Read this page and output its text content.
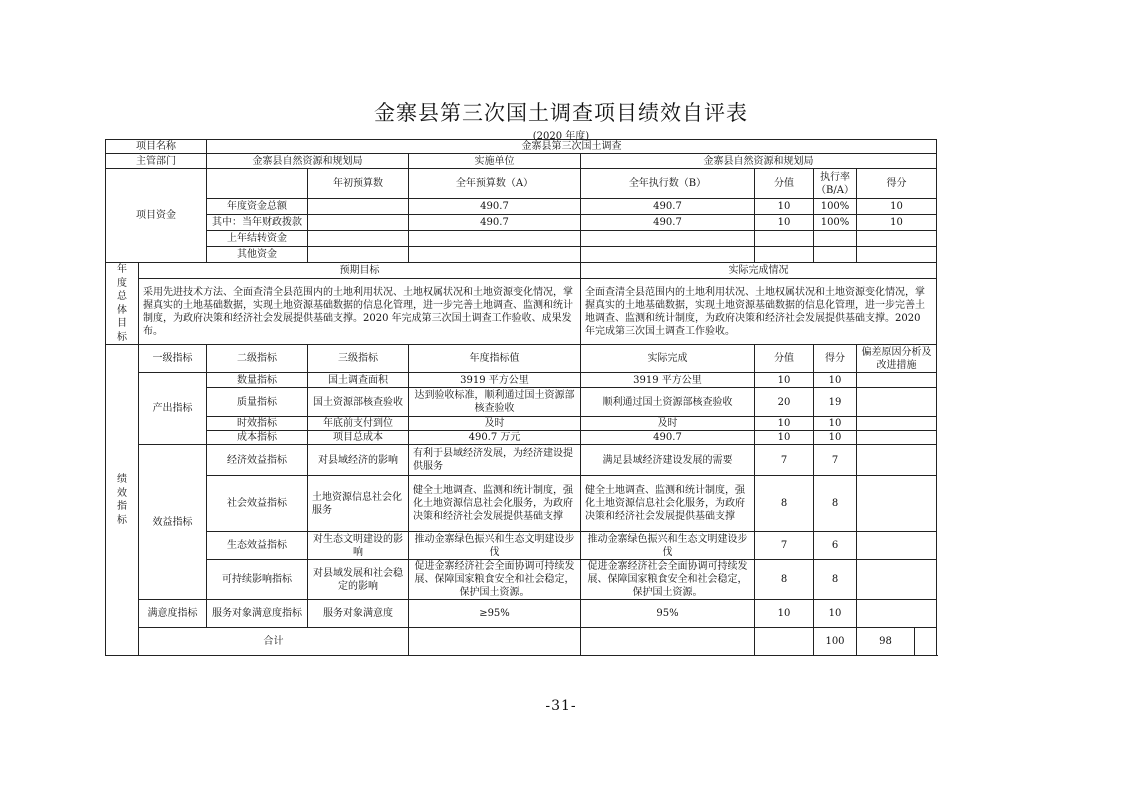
金寨县第三次国土调查项目绩效自评表
(2020 年度)
项目名称		金寨县第三次国土调查							
主管部门		金寨县自然资源和规划局		实施单位	金寨县自然资源和规划局				
项目资金			年初预算数	全年预算数（A）	全年执行数（B）	分值	执行率（B/A）	得分	
		年度资金总额		490.7	490.7	10	100%	10	
		其中：当年财政拨款		490.7	490.7	10	100%	10	
		上年结转资金							
		其他资金							

年度总体目标	预期目标				实际完成情况				
	采用先进技术方法、全面查清全县范围内的土地利用状况、土地权属状况和土地资源变化情况，掌握真实的土地基础数据，实现土地资源基础数据的信息化管理，进一步完善土地调查、监测和统计制度，为政府决策和经济社会发展提供基础支撑。2020 年完成第三次国土调查工作验收、成果发布。				全面查清全县范围内的土地利用状况、土地权属状况和土地资源变化情况，掌握真实的土地基础数据，实现土地资源基础数据的信息化管理，进一步完善土地调查、监测和统计制度，为政府决策和经济社会发展提供基础支撑。2020 年完成第三次国土调查工作验收。				

绩效指标	一级指标	二级指标	三级指标	年度指标值	实际完成	分值	得分	偏差原因分析及改进措施	
	产出指标	数量指标	国土调查面积	3919 平方公里	3919 平方公里	10	10		
		质量指标	国土资源部核查验收	达到验收标准，顺利通过国土资源部核查验收	顺利通过国土资源部核查验收	20	19		
		时效指标	年底前支付到位	及时	及时	10	10		
		成本指标	项目总成本	490.7 万元	490.7	10	10		
	效益指标	经济效益指标	对县域经济的影响	有利于县域经济发展，为经济建设提供服务	满足县域经济建设发展的需要	7	7		
		社会效益指标	土地资源信息社会化服务	健全土地调查、监测和统计制度，强化土地资源信息社会化服务，为政府决策和经济社会发展提供基础支撑	健全土地调查、监测和统计制度，强化土地资源信息社会化服务，为政府决策和经济社会发展提供基础支撑	8	8		
		生态效益指标	对生态文明建设的影响	推动金寨绿色振兴和生态文明建设步伐	推动金寨绿色振兴和生态文明建设步伐	7	6		
		可持续影响指标	对县域发展和社会稳定的影响	促进金寨经济社会全面协调可持续发展、保障国家粮食安全和社会稳定，保护国土资源。	促进金寨经济社会全面协调可持续发展、保障国家粮食安全和社会稳定，保护国土资源。	8	8		
	满意度指标	服务对象满意度指标	服务对象满意度	≥95%	95%	10	10		
	合计						100	98	
-31-
